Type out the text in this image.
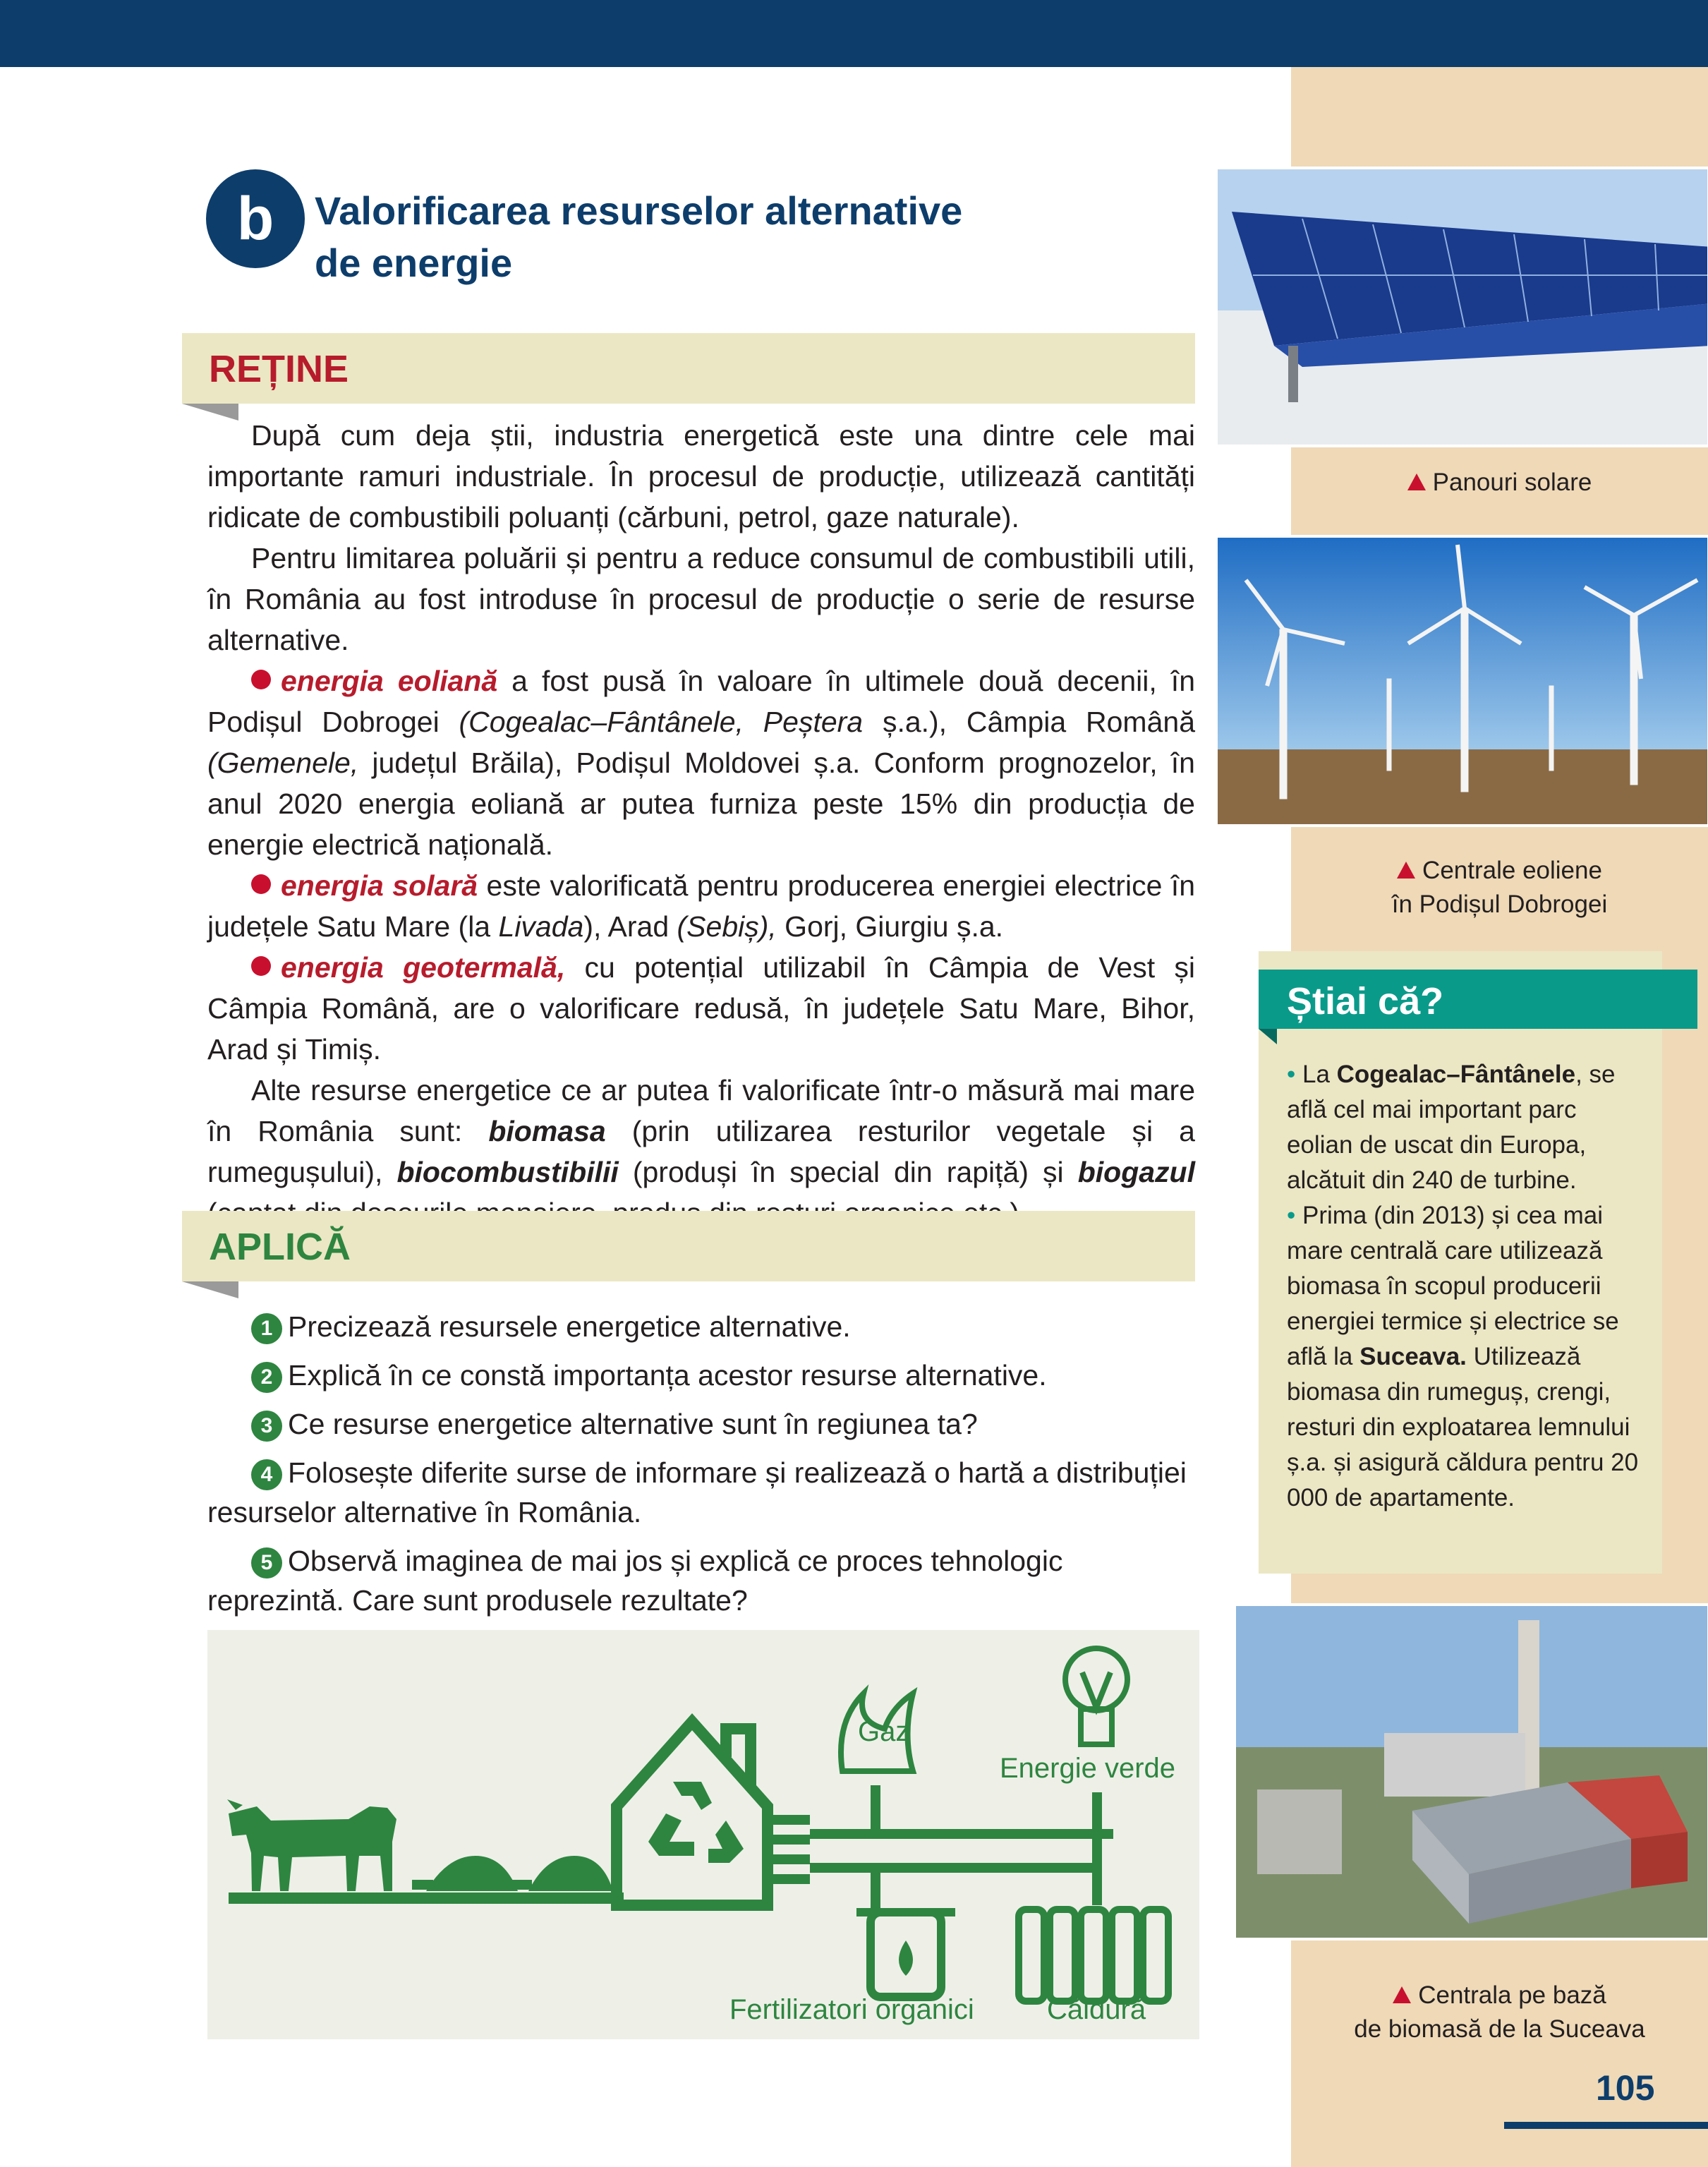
b Valorificarea resurselor alternative
de energie
REȚINE

După cum deja știi, industria energetică este una dintre cele mai importante ramuri industriale. În procesul de producție, utilizează cantități ridicate de combustibili poluanți (cărbuni, petrol, gaze naturale).

Pentru limitarea poluării și pentru a reduce consumul de combustibili utili, în România au fost introduse în procesul de producție o serie de resurse alternative.

energia eoliană a fost pusă în valoare în ultimele două decenii, în Podișul Dobrogei (Cogealac–Fântânele, Peștera ș.a.), Câmpia Română (Gemenele, județul Brăila), Podișul Moldovei ș.a. Conform prognozelor, în anul 2020 energia eoliană ar putea furniza peste 15% din producția de energie electrică națională.

energia solară este valorificată pentru producerea energiei electrice în județele Satu Mare (la Livada), Arad (Sebiș), Gorj, Giurgiu ș.a.

energia geotermală, cu potențial utilizabil în Câmpia de Vest și Câmpia Română, are o valorificare redusă, în județele Satu Mare, Bihor, Arad și Timiș.

Alte resurse energetice ce ar putea fi valorificate într-o măsură mai mare în România sunt: biomasa (prin utilizarea resturilor vegetale și a rumegușului), biocombustibilii (produși în special din rapiță) și biogazul

APLICĂ
1 Precizează resursele energetice alternative.
2 Explică în ce constă importanța acestor resurse alternative.
3 Ce resurse energetice alternative sunt în regiunea ta?
4 Folosește diferite surse de informare și realizează o hartă a distribuției resurselor alternative în România.
5 Observă imaginea de mai jos și explică ce proces tehnologic reprezintă. Care sunt produsele rezultate?
Gaz
Energie verde
Fertilizatori organici	Căldură
Panouri solare
Centrale eoliene
în Podișul Dobrogei
Știai că?
• La Cogealac–Fântânele, se află cel mai important parc eolian de uscat din Europa, alcătuit din 240 de turbine.
• Prima (din 2013) și cea mai mare centrală care utilizează biomasa în scopul producerii energiei termice și electrice se află la Suceava. Utilizează biomasa din rumeguș, crengi, resturi din exploatarea lemnului ș.a. și asigură căldura pentru 20 000 de apartamente.
Centrala pe bază
de biomasă de la Suceava
105
